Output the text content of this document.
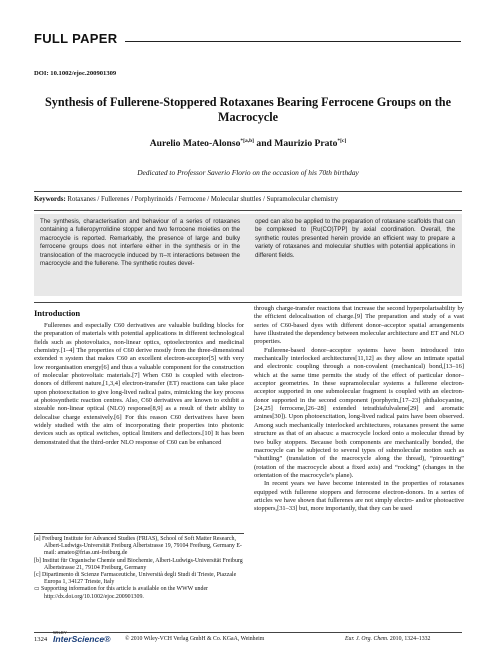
FULL PAPER
DOI: 10.1002/ejoc.200901309
Synthesis of Fullerene-Stoppered Rotaxanes Bearing Ferrocene Groups on the Macrocycle
Aurelio Mateo-Alonso$^{*[a,b]}$ and Maurizio Prato$^{*[c]}$
Dedicated to Professor Saverio Florio on the occasion of his 70th birthday
Keywords: Rotaxanes / Fullerenes / Porphyrinoids / Ferrocene / Molecular shuttles / Supramolecular chemistry
The synthesis, characterisation and behaviour of a series of rotaxanes containing a fulleropyrrolidine stopper and two ferrocene moieties on the macrocycle is reported. Remarkably, the presence of large and bulky ferrocene groups does not interfere either in the synthesis or in the translocation of the macrocycle induced by π–π interactions between the macrocycle and the fullerene. The synthetic routes devel-
oped can also be applied to the preparation of rotaxane scaffolds that can be complexed to [Ru(CO)TPP] by axial coordination. Overall, the synthetic routes presented herein provide an efficient way to prepare a variety of rotaxanes and molecular shuttles with potential applications in different fields.
Introduction

Fullerenes and especially C60 derivatives are valuable building blocks for the preparation of materials with potential applications in different technological fields such as photovoltaics, non-linear optics, optoelectronics and medicinal chemistry.[1–4] The properties of C60 derive mostly from the three-dimensional extended π system that makes C60 an excellent electron-acceptor[5] with very low reorganisation energy[6] and thus a valuable component for the construction of molecular photovoltaic materials.[7] When C60 is coupled with electron-donors of different nature,[1,3,4] electron-transfer (ET) reactions can take place upon photoexcitation to give long-lived radical pairs, mimicking the key process at photosynthetic reaction centres. Also, C60 derivatives are known to exhibit a sizeable non-linear optical (NLO) response[8,9] as a result of their ability to delocalise charge extensively.[6] For this reason C60 derivatives have been widely studied with the aim of incorporating their properties into photonic devices such as optical switches, optical limiters and deflectors.[10] It has been demonstrated that the third-order NLO response of C60 can be enhanced

through charge-transfer reactions that increase the second hyperpolarisability by the efficient delocalisation of charge.[9] The preparation and study of a vast series of C60-based dyes with different donor–acceptor spatial arrangements have illustrated the dependency between molecular architecture and ET and NLO properties.

Fullerene-based donor–acceptor systems have been introduced into mechanically interlocked architectures[11,12] as they allow an intimate spatial and electronic coupling through a non-covalent (mechanical) bond,[13–16] which at the same time permits the study of the effect of particular donor–acceptor geometries. In these supramolecular systems a fullerene electron-acceptor supported in one submolecular fragment is coupled with an electron-donor supported in the second component (porphyrin,[17–23] phthalocyanine,[24,25] ferrocene,[26–28] extended tetrathiafulvalene[29] and aromatic amines[30]). Upon photoexcitation, long-lived radical pairs have been observed. Among such mechanically interlocked architectures, rotaxanes present the same structure as that of an abacus: a macrocycle locked onto a molecular thread by two bulky stoppers. Because both components are mechanically bonded, the macrocycle can be subjected to several types of submolecular motion such as “shuttling” (translation of the macrocycle along the thread), “pirouetting” (rotation of the macrocycle about a fixed axis) and “rocking” (changes in the orientation of the macrocycle’s plane).

In recent years we have become interested in the properties of rotaxanes equipped with fullerene stoppers and ferrocene electron-donors. In a series of articles we have shown that fullerenes are not simply electro- and/or photoactive stoppers,[31–33] but, more importantly, that they can be used

[a] Freiburg Institute for Advanced Studies (FRIAS), School of Soft Matter Research, Albert-Ludwigs-Universität Freiburg Albertstrasse 19, 79104 Freiburg, Germany E-mail: amateo@frias.uni-freiburg.de

[b] Institut für Organische Chemie und Biochemie, Albert-Ludwigs-Universität Freiburg Albertstrasse 21, 79104 Freiburg, Germany

[c] Dipartimento di Scienze Farmaceutiche, Università degli Studi di Trieste, Piazzale Europa 1, 34127 Trieste, Italy

▭ Supporting information for this article is available on the WWW under http://dx.doi.org/10.1002/ejoc.200901309.

1324
WILEY
InterScience®	© 2010 Wiley-VCH Verlag GmbH & Co. KGaA, Weinheim	Eur. J. Org. Chem. 2010, 1324–1332
